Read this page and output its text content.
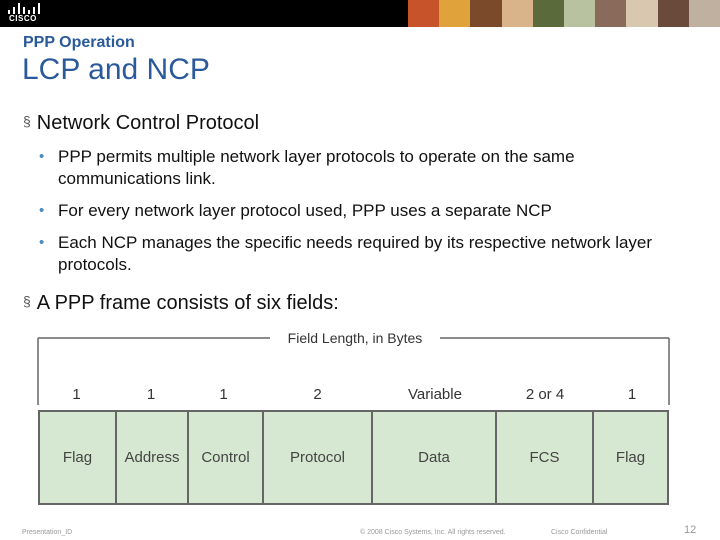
CISCO
PPP Operation
LCP and NCP
§ Network Control Protocol
• PPP permits multiple network layer protocols to operate on the same communications link.
• For every network layer protocol used, PPP uses a separate NCP
• Each NCP manages the specific needs required by its respective network layer protocols.
§ A PPP frame consists of six fields:
Field Length, in Bytes
1	1	1	2	Variable	2 or 4	1
Flag	Address	Control	Protocol	Data	FCS	Flag
Presentation_ID	© 2008 Cisco Systems, Inc. All rights reserved.	Cisco Confidential	12
